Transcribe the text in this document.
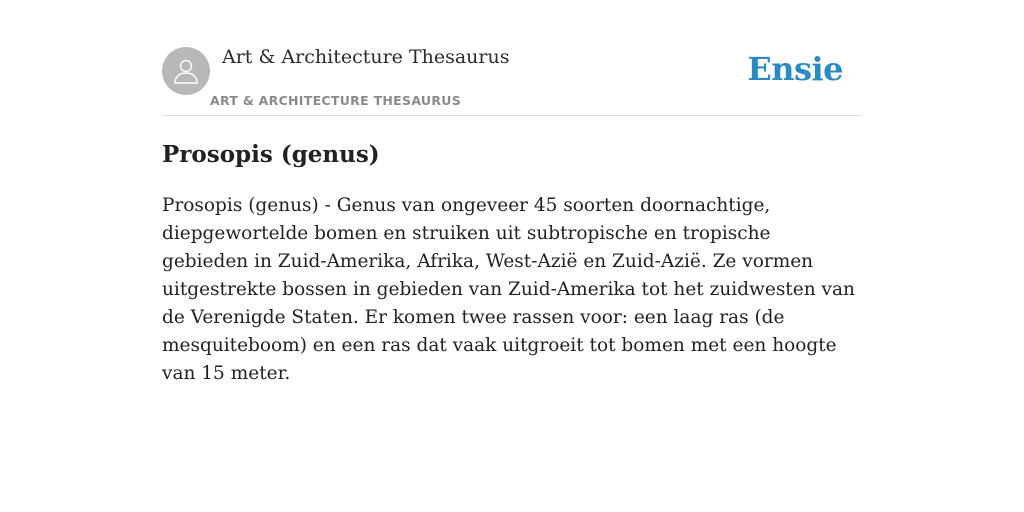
Art & Architecture Thesaurus
ART & ARCHITECTURE THESAURUS
Ensie
Prosopis (genus)

Prosopis (genus) - Genus van ongeveer 45 soorten doornachtige, diepgewortelde bomen en struiken uit subtropische en tropische gebieden in Zuid-Amerika, Afrika, West-Azië en Zuid-Azië. Ze vormen uitgestrekte bossen in gebieden van Zuid-Amerika tot het zuidwesten van de Verenigde Staten. Er komen twee rassen voor: een laag ras (de mesquiteboom) en een ras dat vaak uitgroeit tot bomen met een hoogte van 15 meter.
